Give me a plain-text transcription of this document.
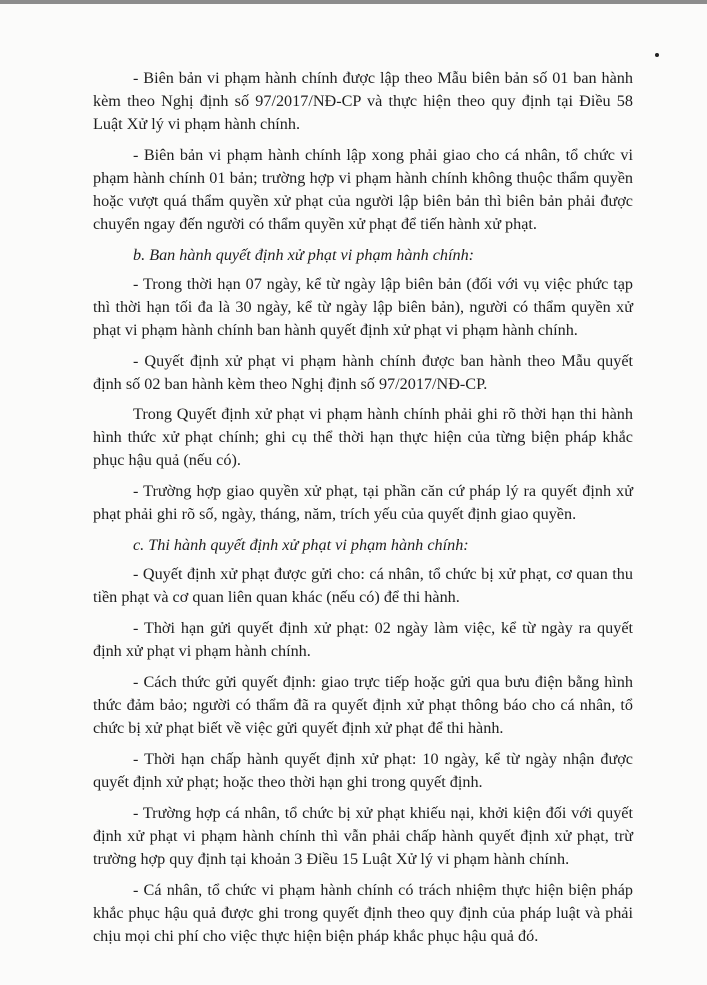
- Biên bản vi phạm hành chính được lập theo Mẫu biên bản số 01 ban hành kèm theo Nghị định số 97/2017/NĐ-CP và thực hiện theo quy định tại Điều 58 Luật Xử lý vi phạm hành chính.

- Biên bản vi phạm hành chính lập xong phải giao cho cá nhân, tổ chức vi phạm hành chính 01 bản; trường hợp vi phạm hành chính không thuộc thẩm quyền hoặc vượt quá thẩm quyền xử phạt của người lập biên bản thì biên bản phải được chuyển ngay đến người có thẩm quyền xử phạt để tiến hành xử phạt.

b. Ban hành quyết định xử phạt vi phạm hành chính:

- Trong thời hạn 07 ngày, kể từ ngày lập biên bản (đối với vụ việc phức tạp thì thời hạn tối đa là 30 ngày, kể từ ngày lập biên bản), người có thẩm quyền xử phạt vi phạm hành chính ban hành quyết định xử phạt vi phạm hành chính.

- Quyết định xử phạt vi phạm hành chính được ban hành theo Mẫu quyết định số 02 ban hành kèm theo Nghị định số 97/2017/NĐ-CP.

Trong Quyết định xử phạt vi phạm hành chính phải ghi rõ thời hạn thi hành hình thức xử phạt chính; ghi cụ thể thời hạn thực hiện của từng biện pháp khắc phục hậu quả (nếu có).

- Trường hợp giao quyền xử phạt, tại phần căn cứ pháp lý ra quyết định xử phạt phải ghi rõ số, ngày, tháng, năm, trích yếu của quyết định giao quyền.

c. Thi hành quyết định xử phạt vi phạm hành chính:

- Quyết định xử phạt được gửi cho: cá nhân, tổ chức bị xử phạt, cơ quan thu tiền phạt và cơ quan liên quan khác (nếu có) để thi hành.

- Thời hạn gửi quyết định xử phạt: 02 ngày làm việc, kể từ ngày ra quyết định xử phạt vi phạm hành chính.

- Cách thức gửi quyết định: giao trực tiếp hoặc gửi qua bưu điện bằng hình thức đảm bảo; người có thẩm đã ra quyết định xử phạt thông báo cho cá nhân, tổ chức bị xử phạt biết về việc gửi quyết định xử phạt để thi hành.

- Thời hạn chấp hành quyết định xử phạt: 10 ngày, kể từ ngày nhận được quyết định xử phạt; hoặc theo thời hạn ghi trong quyết định.

- Trường hợp cá nhân, tổ chức bị xử phạt khiếu nại, khởi kiện đối với quyết định xử phạt vi phạm hành chính thì vẫn phải chấp hành quyết định xử phạt, trừ trường hợp quy định tại khoản 3 Điều 15 Luật Xử lý vi phạm hành chính.

- Cá nhân, tổ chức vi phạm hành chính có trách nhiệm thực hiện biện pháp khắc phục hậu quả được ghi trong quyết định theo quy định của pháp luật và phải chịu mọi chi phí cho việc thực hiện biện pháp khắc phục hậu quả đó.
